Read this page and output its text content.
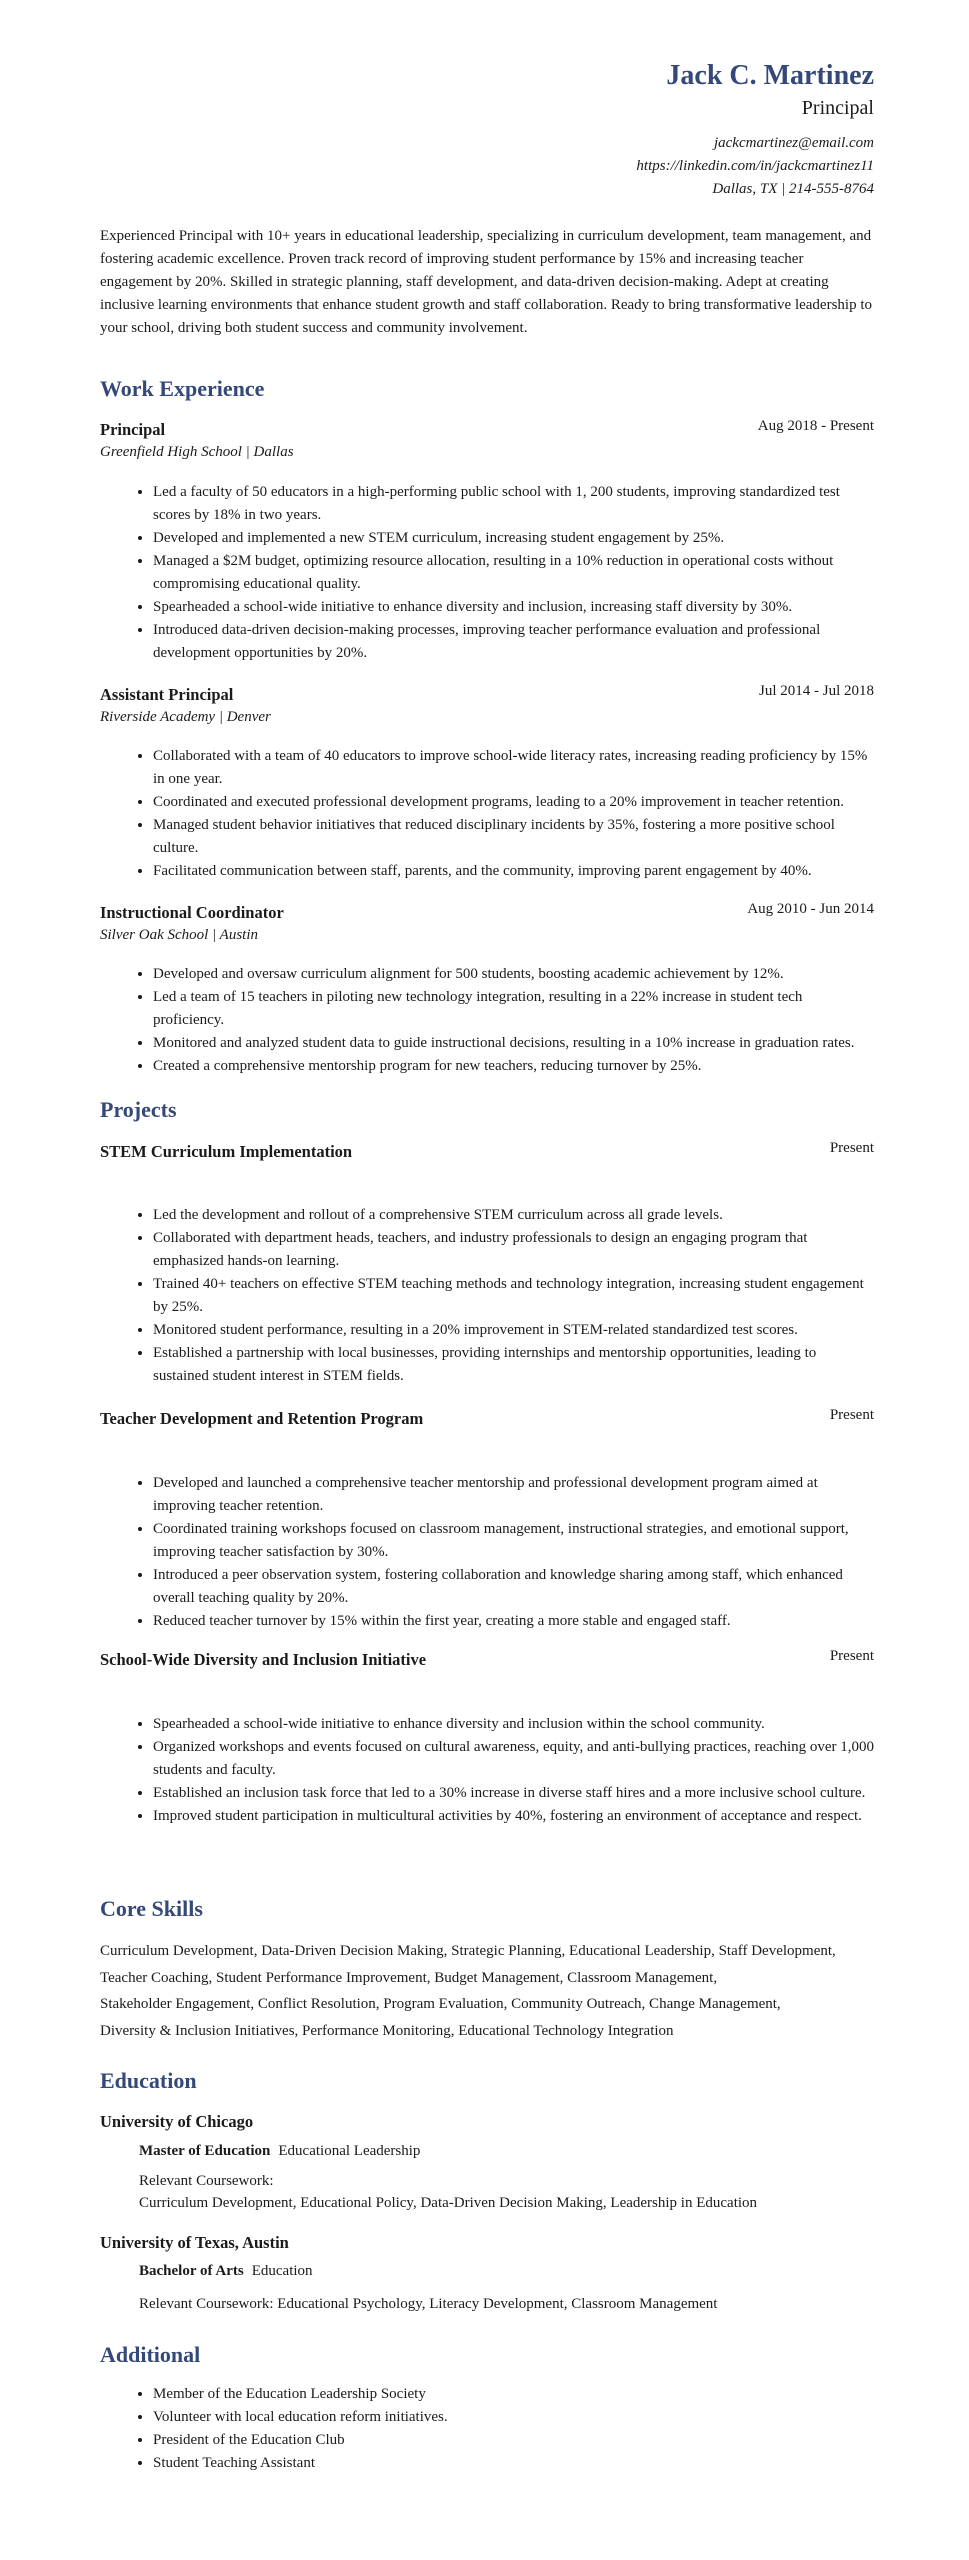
Jack C. Martinez
Principal
jackcmartinez@email.com
https://linkedin.com/in/jackcmartinez11
Dallas, TX | 214-555-8764
Experienced Principal with 10+ years in educational leadership, specializing in curriculum development, team management, and fostering academic excellence. Proven track record of improving student performance by 15% and increasing teacher engagement by 20%. Skilled in strategic planning, staff development, and data-driven decision-making. Adept at creating inclusive learning environments that enhance student growth and staff collaboration. Ready to bring transformative leadership to your school, driving both student success and community involvement.
Work Experience
Principal	Aug 2018 - Present
Greenfield High School | Dallas
• Led a faculty of 50 educators in a high-performing public school with 1, 200 students, improving standardized test scores by 18% in two years.
• Developed and implemented a new STEM curriculum, increasing student engagement by 25%.
• Managed a $2M budget, optimizing resource allocation, resulting in a 10% reduction in operational costs without compromising educational quality.
• Spearheaded a school-wide initiative to enhance diversity and inclusion, increasing staff diversity by 30%.
• Introduced data-driven decision-making processes, improving teacher performance evaluation and professional development opportunities by 20%.
Assistant Principal	Jul 2014 - Jul 2018
Riverside Academy | Denver
• Collaborated with a team of 40 educators to improve school-wide literacy rates, increasing reading proficiency by 15% in one year.
• Coordinated and executed professional development programs, leading to a 20% improvement in teacher retention.
• Managed student behavior initiatives that reduced disciplinary incidents by 35%, fostering a more positive school culture.
• Facilitated communication between staff, parents, and the community, improving parent engagement by 40%.
Instructional Coordinator	Aug 2010 - Jun 2014
Silver Oak School | Austin
• Developed and oversaw curriculum alignment for 500 students, boosting academic achievement by 12%.
• Led a team of 15 teachers in piloting new technology integration, resulting in a 22% increase in student tech proficiency.
• Monitored and analyzed student data to guide instructional decisions, resulting in a 10% increase in graduation rates.
• Created a comprehensive mentorship program for new teachers, reducing turnover by 25%.
Projects
STEM Curriculum Implementation	Present
• Led the development and rollout of a comprehensive STEM curriculum across all grade levels.
• Collaborated with department heads, teachers, and industry professionals to design an engaging program that emphasized hands-on learning.
• Trained 40+ teachers on effective STEM teaching methods and technology integration, increasing student engagement by 25%.
• Monitored student performance, resulting in a 20% improvement in STEM-related standardized test scores.
• Established a partnership with local businesses, providing internships and mentorship opportunities, leading to sustained student interest in STEM fields.
Teacher Development and Retention Program	Present
• Developed and launched a comprehensive teacher mentorship and professional development program aimed at improving teacher retention.
• Coordinated training workshops focused on classroom management, instructional strategies, and emotional support, improving teacher satisfaction by 30%.
• Introduced a peer observation system, fostering collaboration and knowledge sharing among staff, which enhanced overall teaching quality by 20%.
• Reduced teacher turnover by 15% within the first year, creating a more stable and engaged staff.
School-Wide Diversity and Inclusion Initiative	Present
• Spearheaded a school-wide initiative to enhance diversity and inclusion within the school community.
• Organized workshops and events focused on cultural awareness, equity, and anti-bullying practices, reaching over 1,000 students and faculty.
• Established an inclusion task force that led to a 30% increase in diverse staff hires and a more inclusive school culture.
• Improved student participation in multicultural activities by 40%, fostering an environment of acceptance and respect.
Core Skills
Curriculum Development, Data-Driven Decision Making, Strategic Planning, Educational Leadership, Staff Development,
Teacher Coaching, Student Performance Improvement, Budget Management, Classroom Management,
Stakeholder Engagement, Conflict Resolution, Program Evaluation, Community Outreach, Change Management,
Diversity & Inclusion Initiatives, Performance Monitoring, Educational Technology Integration
Education
University of Chicago
Master of Education Educational Leadership
Relevant Coursework:
Curriculum Development, Educational Policy, Data-Driven Decision Making, Leadership in Education
University of Texas, Austin
Bachelor of Arts Education
Relevant Coursework: Educational Psychology, Literacy Development, Classroom Management
Additional
• Member of the Education Leadership Society
• Volunteer with local education reform initiatives.
• President of the Education Club
• Student Teaching Assistant
